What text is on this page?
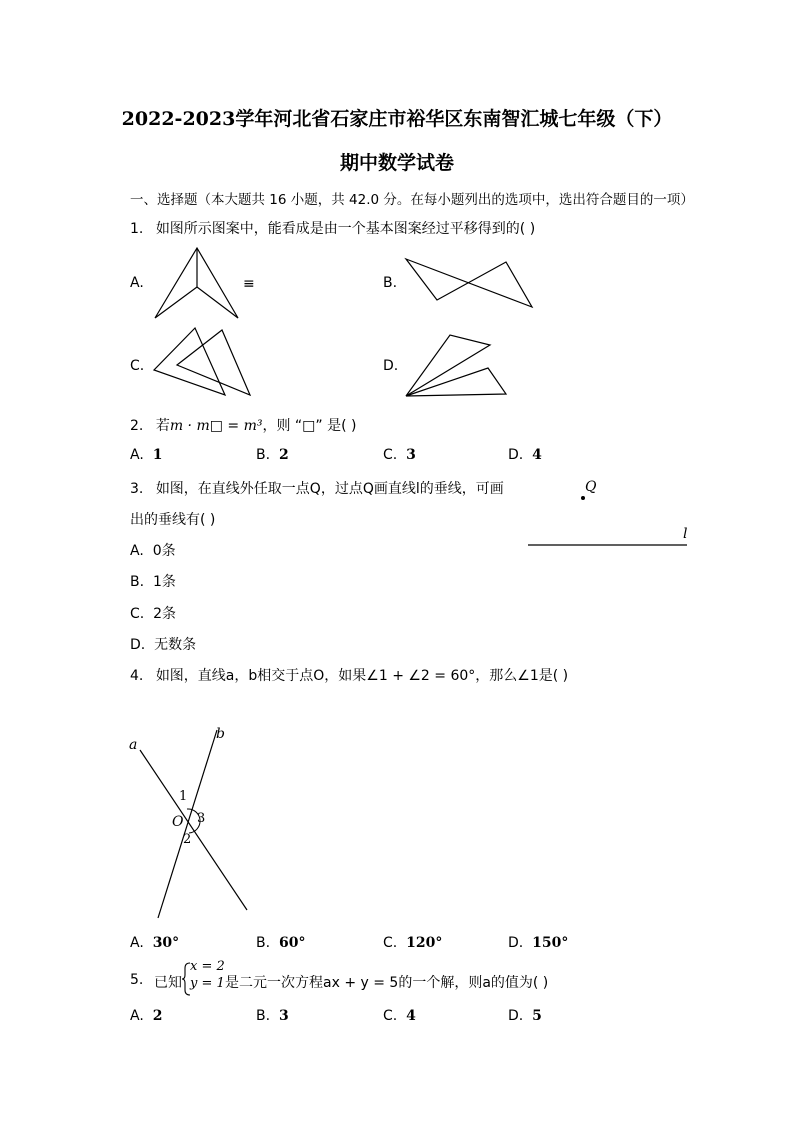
2022-2023学年河北省石家庄市裕华区东南智汇城七年级（下）
期中数学试卷
一、选择题（本大题共 16 小题，共 42.0 分。在每小题列出的选项中，选出符合题目的一项）
1. 如图所示图案中，能看成是由一个基本图案经过平移得到的( )
A.	≡	B.
C.	D.
2. 若m · m□ = m³，则 “□” 是( )
A. 1	B. 2	C. 3	D. 4
3. 如图，在直线外任取一点Q，过点Q画直线l的垂线，可画
出的垂线有( )
Q
l
A. 0条
B. 1条
C. 2条
D. 无数条
4. 如图，直线a，b相交于点O，如果∠1 + ∠2 = 60°，那么∠1是( )
a
b
O
1
3
2
A. 30°	B. 60°	C. 120°	D. 150°
5. 已知
x = 2
y = 1 是二元一次方程ax + y = 5的一个解，则a的值为( )
A. 2	B. 3	C. 4	D. 5
